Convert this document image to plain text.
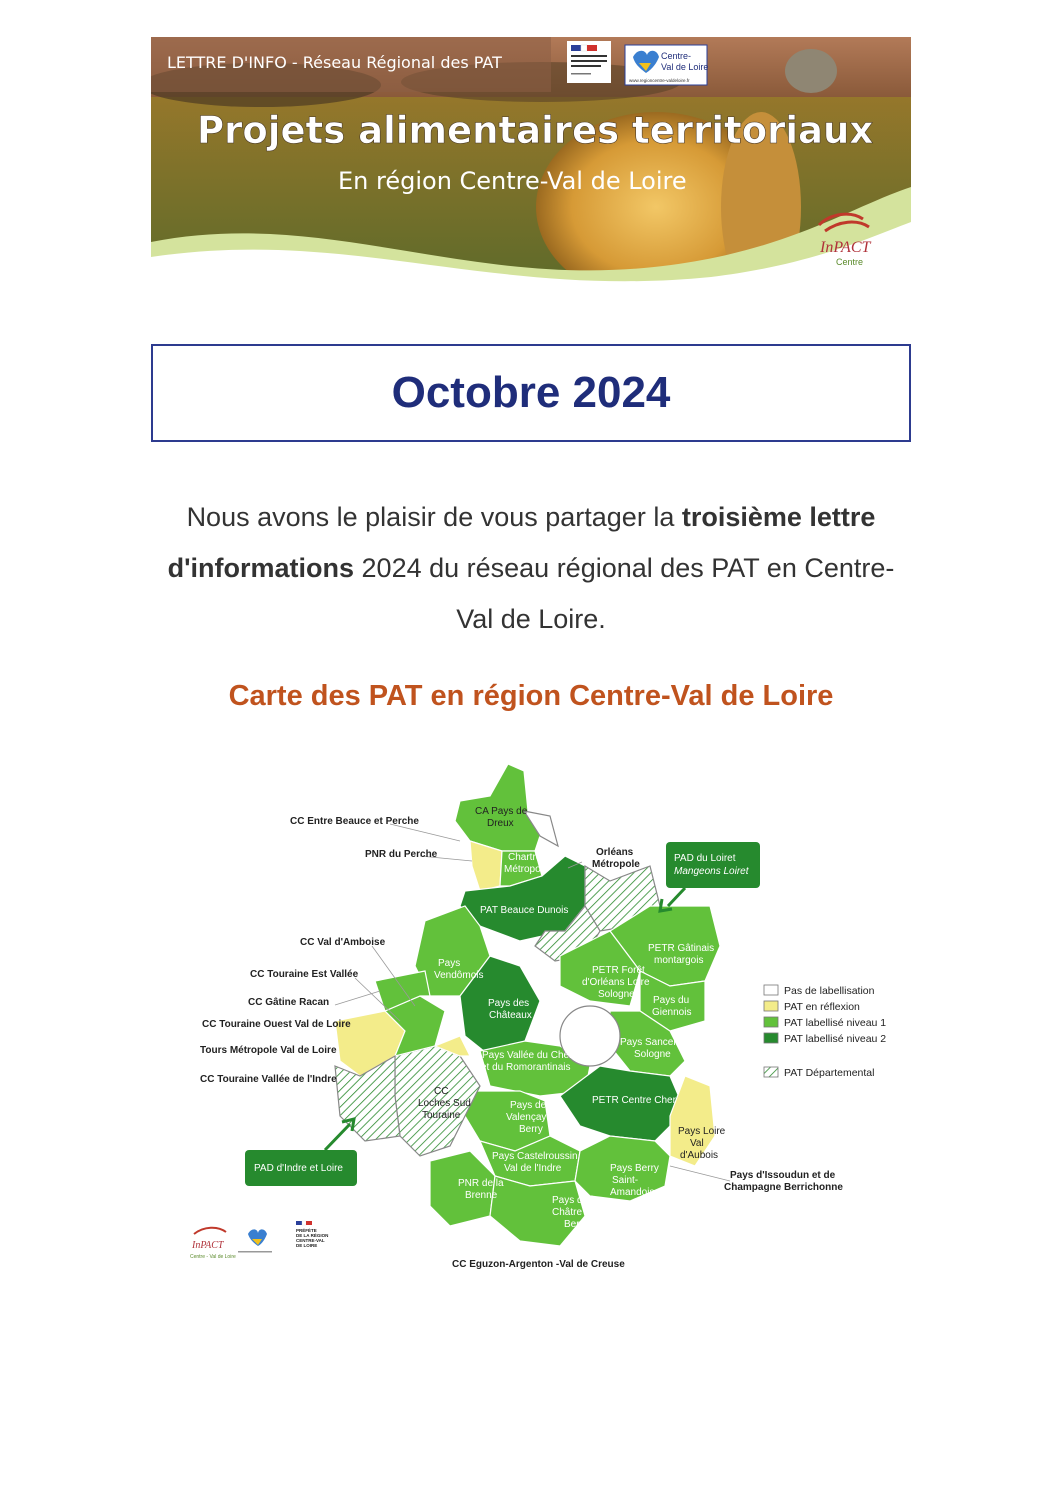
LETTRE D'INFO - Réseau Régional des PAT	Centre-
Val de Loire
www.regioncentre-valdeloire.fr
Projets alimentaires territoriaux
En région Centre-Val de Loire
InPACT
Centre
Octobre 2024
Nous avons le plaisir de vous partager la troisième lettre d'informations 2024 du réseau régional des PAT en Centre-Val de Loire.
Carte des PAT en région Centre-Val de Loire
CA Pays de
Dreux
Chartres
Métropole
PAT Beauce Dunois
PETR Gâtinais
montargois
PETR Forêt
d'Orléans Loire
Sologne
Pays
Vendômois
Pays des
Châteaux
Pays du
Giennois
Pays Sancerre
Sologne
Pays Vallée du Cher
et du Romorantinais
PETR Centre Cher
Pays Loire
Val
d'Aubois
Pays de
Valençay en
Berry
CC
Loches Sud
Touraine
Pays Castelroussin
Val de l'Indre
PNR de la
Brenne	Pays de la
Châtre en
Berry
Pays Berry
Saint-
Amandois
CC Entre Beauce et Perche
PNR du Perche	Orléans
Métropole
CC Val d'Amboise
CC Touraine Est Vallée
CC Gâtine Racan
CC Touraine Ouest Val de Loire
Tours Métropole Val de Loire
CC Touraine Vallée de l'Indre
Pays d'Issoudun et de
Champagne Berrichonne
CC Eguzon-Argenton -Val de Creuse
PAD du Loiret
Mangeons Loiret
PAD d'Indre et Loire
Pas de labellisation
PAT en réflexion
PAT labellisé niveau 1
PAT labellisé niveau 2
PAT Départemental
InPACT
Centre - Val de Loire
PRÉFÈTE
DE LA RÉGION
CENTRE-VAL
DE LOIRE
